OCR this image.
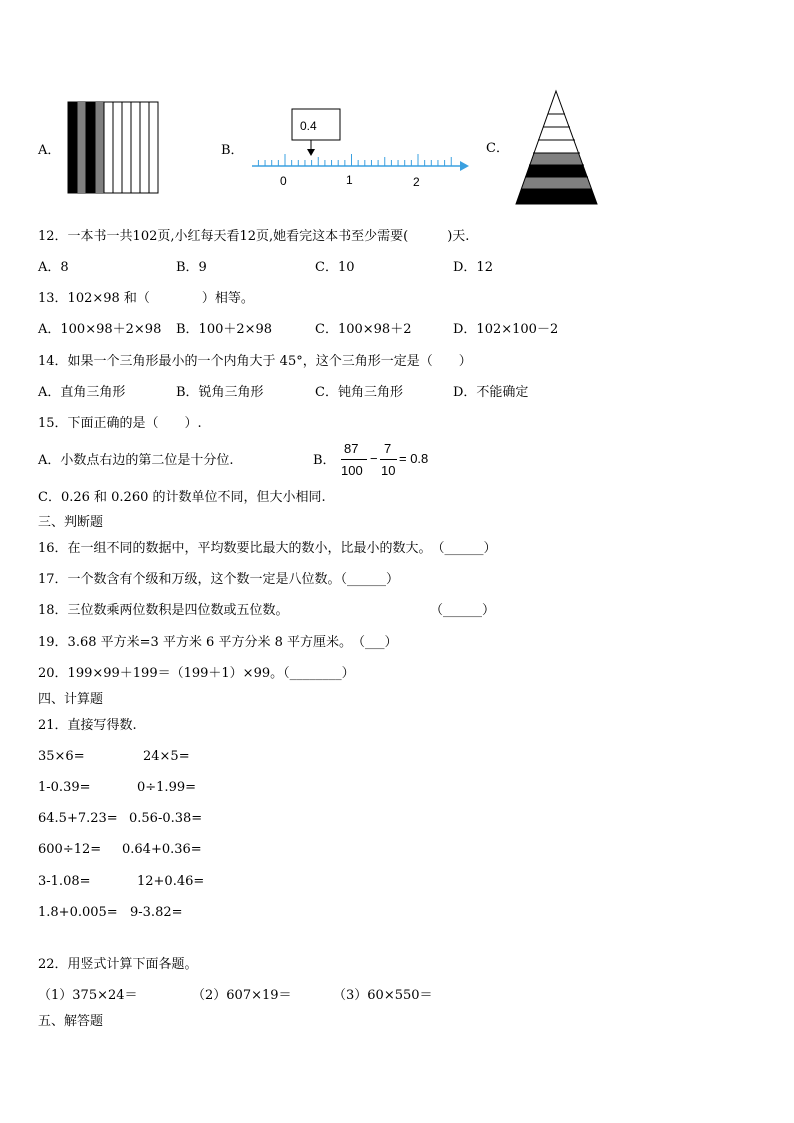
A．	B．
0.4
0	1	2
C．
12．一本书一共102页,小红每天看12页,她看完这本书至少需要(　　　)天.
A．8	B．9	C．10	D．12
13．102×98 和（　　　　）相等。
A．100×98＋2×98 B．100＋2×98	C．100×98＋2	D．102×100－2
14．如果一个三角形最小的一个内角大于 45°，这个三角形一定是（　　）
A．直角三角形	B．锐角三角形	C．钝角三角形	D．不能确定
15．下面正确的是（　　）.
A．小数点右边的第二位是十分位.	B．
87
100
−
7
10
= 0.8
C．0.26 和 0.260 的计数单位不同，但大小相同.
三、判断题
16．在一组不同的数据中，平均数要比最大的数小，比最小的数大。　（______）
17．一个数含有个级和万级，这个数一定是八位数。（______）
18．三位数乘两位数积是四位数或五位数。	（______）
19．3.68 平方米=3 平方米 6 平方分米 8 平方厘米。　（___）
20．199×99＋199＝（199＋1）×99。（________）
四、计算题
21．直接写得数.
35×6=	24×5=
1-0.39=	0÷1.99=
64.5+7.23= 0.56-0.38=
600÷12= 0.64+0.36=
3-1.08=	12+0.46=
1.8+0.005= 9-3.82=
22．用竖式计算下面各题。
（1）375×24＝	（2）607×19＝	（3）60×550＝
五、解答题
